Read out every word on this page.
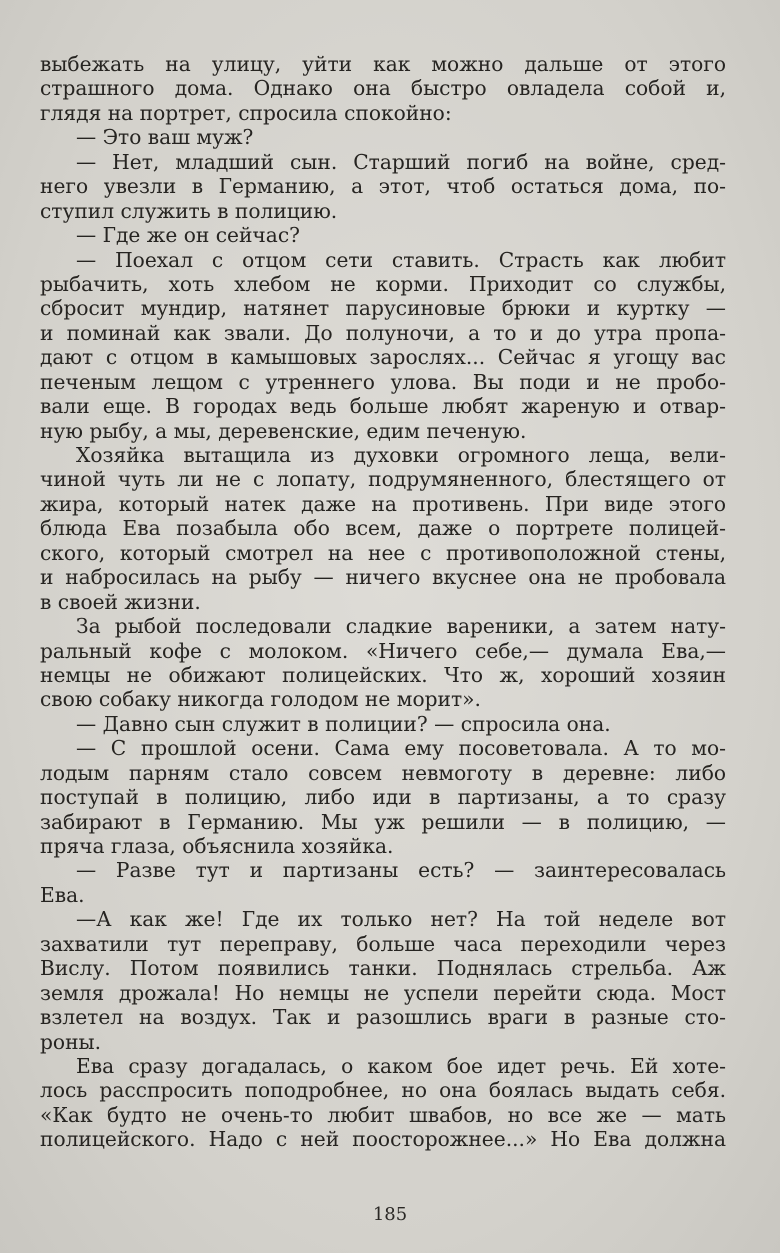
выбежать на улицу, уйти как можно дальше от этого
страшного дома. Однако она быстро овладела собой и,
глядя на портрет, спросила спокойно:
— Это ваш муж?
— Нет, младший сын. Старший погиб на войне, сред-
него увезли в Германию, а этот, чтоб остаться дома, по-
ступил служить в полицию.
— Где же он сейчас?
— Поехал с отцом сети ставить. Страсть как любит
рыбачить, хоть хлебом не корми. Приходит со службы,
сбросит мундир, натянет парусиновые брюки и куртку —
и поминай как звали. До полуночи, а то и до утра пропа-
дают с отцом в камышовых зарослях... Сейчас я угощу вас
печеным лещом с утреннего улова. Вы поди и не пробо-
вали еще. В городах ведь больше любят жареную и отвар-
ную рыбу, а мы, деревенские, едим печеную.
Хозяйка вытащила из духовки огромного леща, вели-
чиной чуть ли не с лопату, подрумяненного, блестящего от
жира, который натек даже на противень. При виде этого
блюда Ева позабыла обо всем, даже о портрете полицей-
ского, который смотрел на нее с противоположной стены,
и набросилась на рыбу — ничего вкуснее она не пробовала
в своей жизни.
За рыбой последовали сладкие вареники, а затем нату-
ральный кофе с молоком. «Ничего себе,— думала Ева,—
немцы не обижают полицейских. Что ж, хороший хозяин
свою собаку никогда голодом не морит».
— Давно сын служит в полиции? — спросила она.
— С прошлой осени. Сама ему посоветовала. А то мо-
лодым парням стало совсем невмоготу в деревне: либо
поступай в полицию, либо иди в партизаны, а то сразу
забирают в Германию. Мы уж решили — в полицию, —
пряча глаза, объяснила хозяйка.
— Разве тут и партизаны есть? — заинтересовалась
Ева.
—А как же! Где их только нет? На той неделе вот
захватили тут переправу, больше часа переходили через
Вислу. Потом появились танки. Поднялась стрельба. Аж
земля дрожала! Но немцы не успели перейти сюда. Мост
взлетел на воздух. Так и разошлись враги в разные сто-
роны.
Ева сразу догадалась, о каком бое идет речь. Ей хоте-
лось расспросить поподробнее, но она боялась выдать себя.
«Как будто не очень-то любит швабов, но все же — мать
полицейского. Надо с ней поосторожнее...» Но Ева должна
185
